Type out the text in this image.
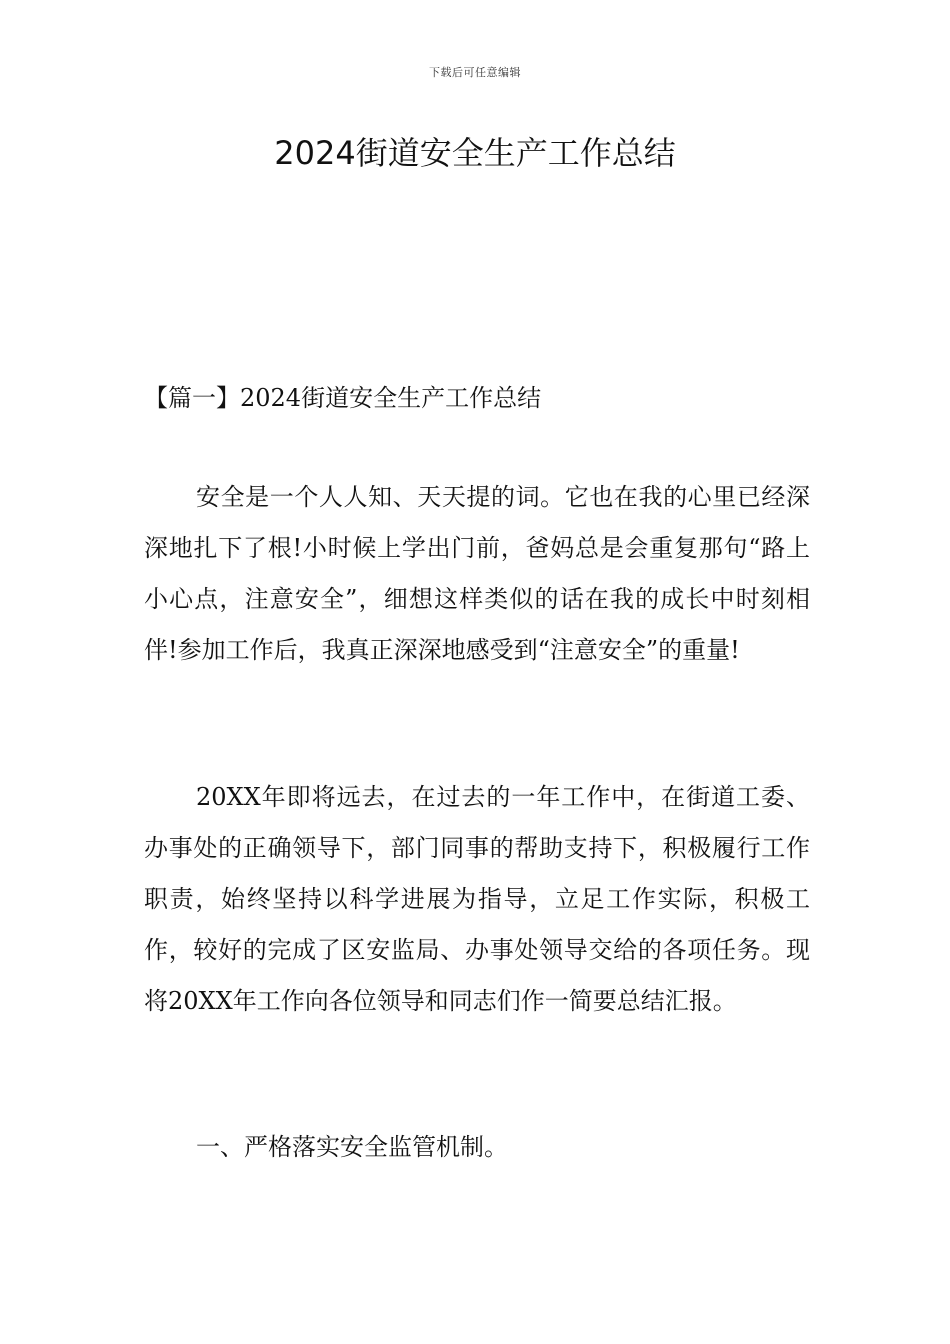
下载后可任意编辑
2024街道安全生产工作总结

【篇一】2024街道安全生产工作总结

安全是一个人人知、天天提的词。它也在我的心里已经深深地扎下了根!小时候上学出门前，爸妈总是会重复那句“路上小心点，注意安全”，细想这样类似的话在我的成长中时刻相伴!参加工作后，我真正深深地感受到“注意安全”的重量!

20XX年即将远去，在过去的一年工作中，在街道工委、办事处的正确领导下，部门同事的帮助支持下，积极履行工作职责，始终坚持以科学进展为指导，立足工作实际，积极工作，较好的完成了区安监局、办事处领导交给的各项任务。现将20XX年工作向各位领导和同志们作一简要总结汇报。

一、严格落实安全监管机制。
